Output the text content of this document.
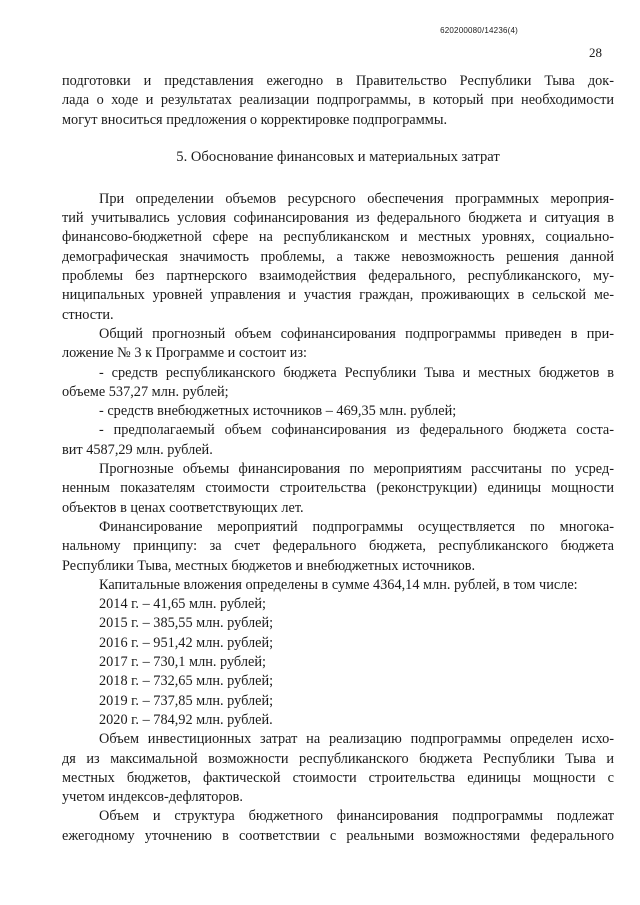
620200080/14236(4)
28
подготовки и представления ежегодно в Правительство Республики Тыва док-
лада о ходе и результатах реализации подпрограммы, в который при необходимости
могут вноситься предложения о корректировке подпрограммы.
5. Обоснование финансовых и материальных затрат
При определении объемов ресурсного обеспечения программных мероприя-
тий учитывались условия софинансирования из федерального бюджета и ситуация в
финансово-бюджетной сфере на республиканском и местных уровнях, социально-
демографическая значимость проблемы, а также невозможность решения данной
проблемы без партнерского взаимодействия федерального, республиканского, му-
ниципальных уровней управления и участия граждан, проживающих в сельской ме-
стности.
Общий прогнозный объем софинансирования подпрограммы приведен в при-
ложение № 3 к Программе и состоит из:
- средств республиканского бюджета Республики Тыва и местных бюджетов в
объеме 537,27 млн. рублей;
- средств внебюджетных источников – 469,35 млн. рублей;
- предполагаемый объем софинансирования из федерального бюджета соста-
вит 4587,29 млн. рублей.
Прогнозные объемы финансирования по мероприятиям рассчитаны по усред-
ненным показателям стоимости строительства (реконструкции) единицы мощности
объектов в ценах соответствующих лет.
Финансирование мероприятий подпрограммы осуществляется по многока-
нальному принципу: за счет федерального бюджета, республиканского бюджета
Республики Тыва, местных бюджетов и внебюджетных источников.
Капитальные вложения определены в сумме 4364,14 млн. рублей, в том числе:
2014 г. – 41,65 млн. рублей;
2015 г. – 385,55 млн. рублей;
2016 г. – 951,42 млн. рублей;
2017 г. – 730,1 млн. рублей;
2018 г. – 732,65 млн. рублей;
2019 г. – 737,85 млн. рублей;
2020 г. – 784,92 млн. рублей.
Объем инвестиционных затрат на реализацию подпрограммы определен исхо-
дя из максимальной возможности республиканского бюджета Республики Тыва и
местных бюджетов, фактической стоимости строительства единицы мощности с
учетом индексов-дефляторов.
Объем и структура бюджетного финансирования подпрограммы подлежат
ежегодному уточнению в соответствии с реальными возможностями федерального
